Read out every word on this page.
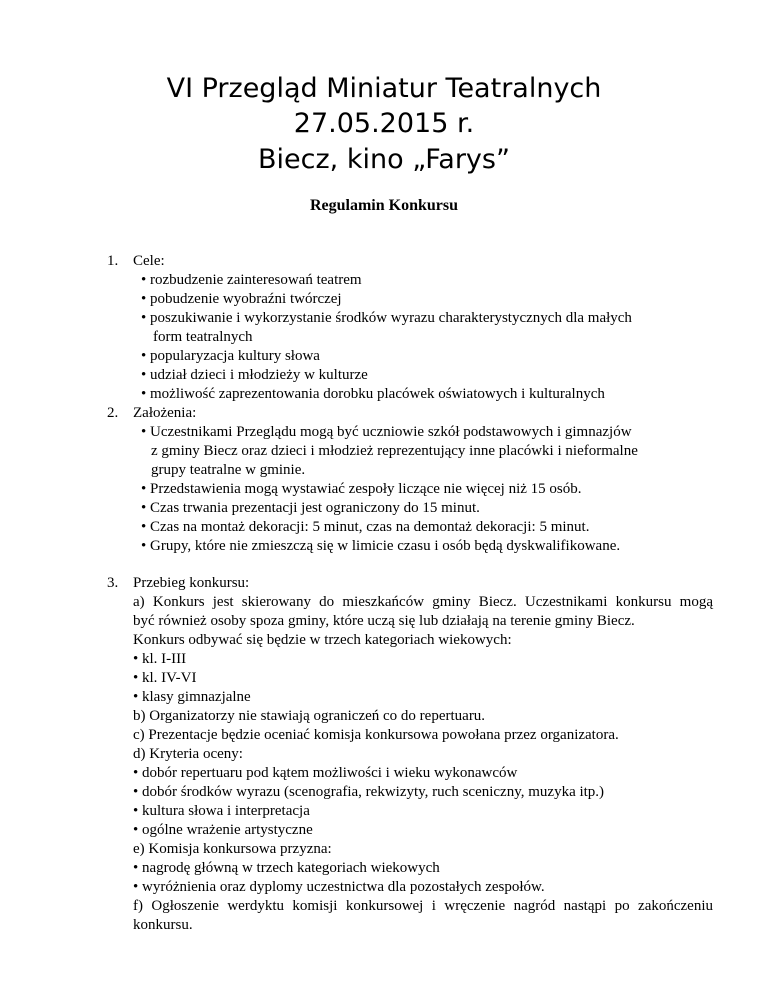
VI Przegląd Miniatur Teatralnych
27.05.2015 r.
Biecz, kino „Farys”
Regulamin Konkursu
1. Cele:
• rozbudzenie zainteresowań teatrem
• pobudzenie wyobraźni twórczej
• poszukiwanie i wykorzystanie środków wyrazu charakterystycznych dla małych
form teatralnych
• popularyzacja kultury słowa
• udział dzieci i młodzieży w kulturze
• możliwość zaprezentowania dorobku placówek oświatowych i kulturalnych
2. Założenia:
• Uczestnikami Przeglądu mogą być uczniowie szkół podstawowych i gimnazjów
z gminy Biecz oraz dzieci i młodzież reprezentujący inne placówki i nieformalne
grupy teatralne w gminie.
• Przedstawienia mogą wystawiać zespoły liczące nie więcej niż 15 osób.
• Czas trwania prezentacji jest ograniczony do 15 minut.
• Czas na montaż dekoracji: 5 minut, czas na demontaż dekoracji: 5 minut.
• Grupy, które nie zmieszczą się w limicie czasu i osób będą dyskwalifikowane.
3. Przebieg konkursu:
a) Konkurs jest skierowany do mieszkańców gminy Biecz. Uczestnikami konkursu mogą
być również osoby spoza gminy, które uczą się lub działają na terenie gminy Biecz.
Konkurs odbywać się będzie w trzech kategoriach wiekowych:
• kl. I-III
• kl. IV-VI
• klasy gimnazjalne
b) Organizatorzy nie stawiają ograniczeń co do repertuaru.
c) Prezentacje będzie oceniać komisja konkursowa powołana przez organizatora.
d) Kryteria oceny:
• dobór repertuaru pod kątem możliwości i wieku wykonawców
• dobór środków wyrazu (scenografia, rekwizyty, ruch sceniczny, muzyka itp.)
• kultura słowa i interpretacja
• ogólne wrażenie artystyczne
e) Komisja konkursowa przyzna:
• nagrodę główną w trzech kategoriach wiekowych
• wyróżnienia oraz dyplomy uczestnictwa dla pozostałych zespołów.
f) Ogłoszenie werdyktu komisji konkursowej i wręczenie nagród nastąpi po zakończeniu
konkursu.
